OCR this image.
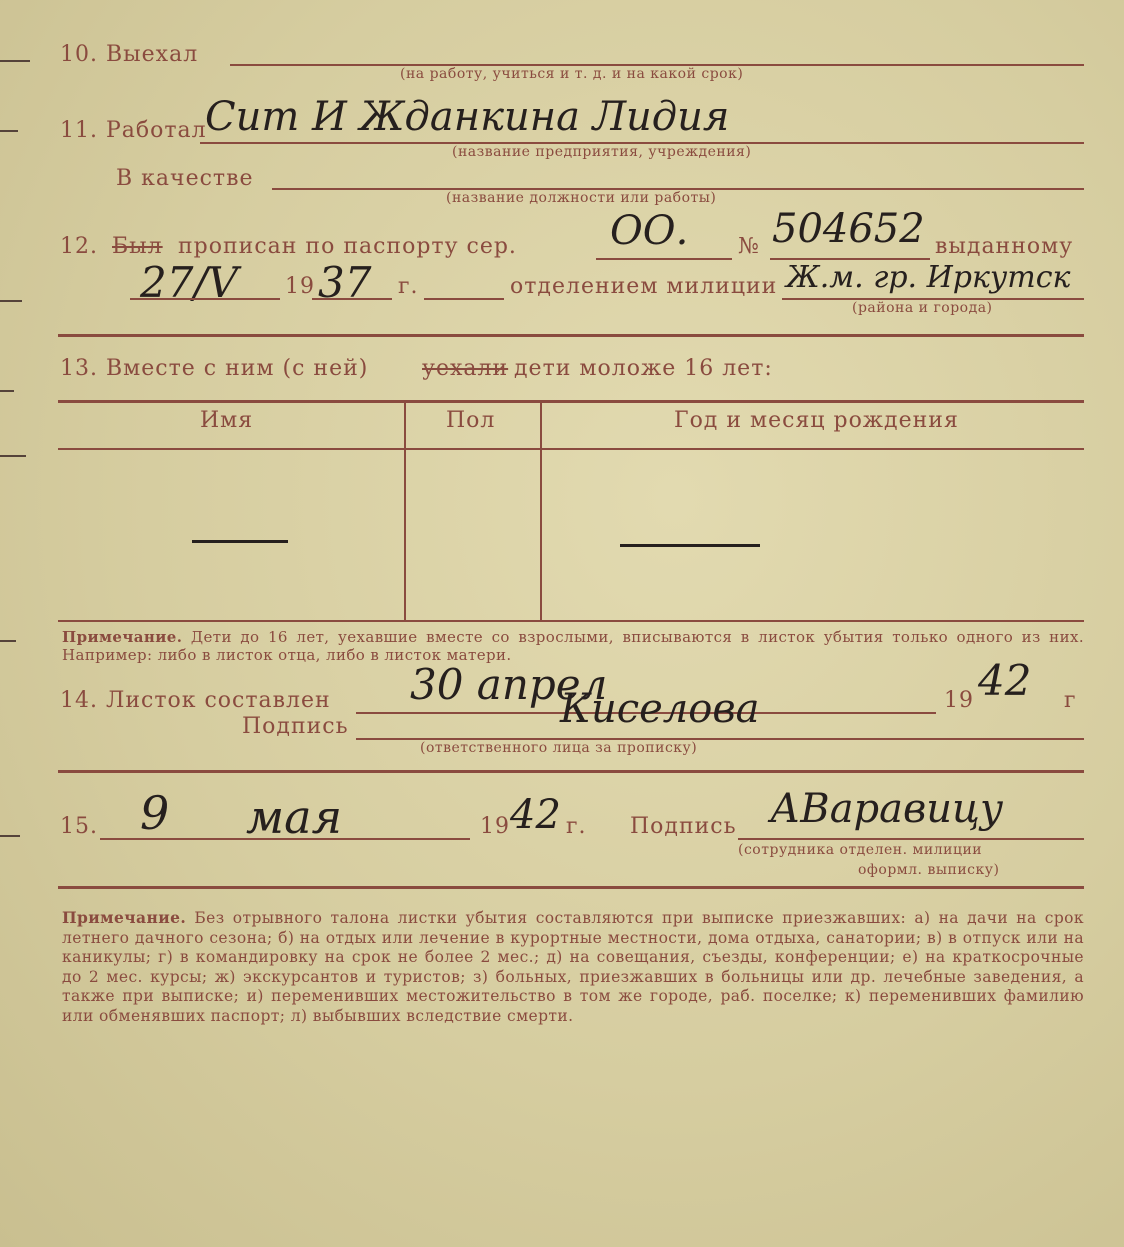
10. Выехал
(на работу, учиться и т. д. и на какой срок)
11. Работал
Сит И Жданкина Лидия
(название предприятия, учреждения)
В качестве
(название должности или работы)
12. Был прописан по паспорту сер. ОО. № 504652 выданному
27/V 19 37 г.	отделением милиции Ж.м. гр. Иркутск
(района и города)
13. Вместе с ним (с ней) уехали дети моложе 16 лет:
Имя	Пол	Год и месяц рождения

Примечание. Дети до 16 лет, уехавшие вместе со взрослыми, вписываются в листок убытия только одного из них. Например: либо в листок отца, либо в листок матери.

14. Листок составлен 30 апрел	19 42 г
Подпись	Киселова
(ответственного лица за прописку)
15. 9 мая	19 42 г. Подпись АВаравицу
(сотрудника отделен. милиции
оформл. выписку)

Примечание. Без отрывного талона листки убытия составляются при выписке приезжавших: а) на дачи на срок летнего дачного сезона; б) на отдых или лечение в курортные местности, дома отдыха, санатории; в) в отпуск или на каникулы; г) в командировку на срок не более 2 мес.; д) на совещания, съезды, конференции; е) на краткосрочные до 2 мес. курсы; ж) экскурсантов и туристов; з) больных, приезжавших в больницы или др. лечебные заведения, а также при выписке; и) переменивших местожительство в том же городе, раб. поселке; к) переменивших фамилию или обменявших паспорт; л) выбывших вследствие смерти.
